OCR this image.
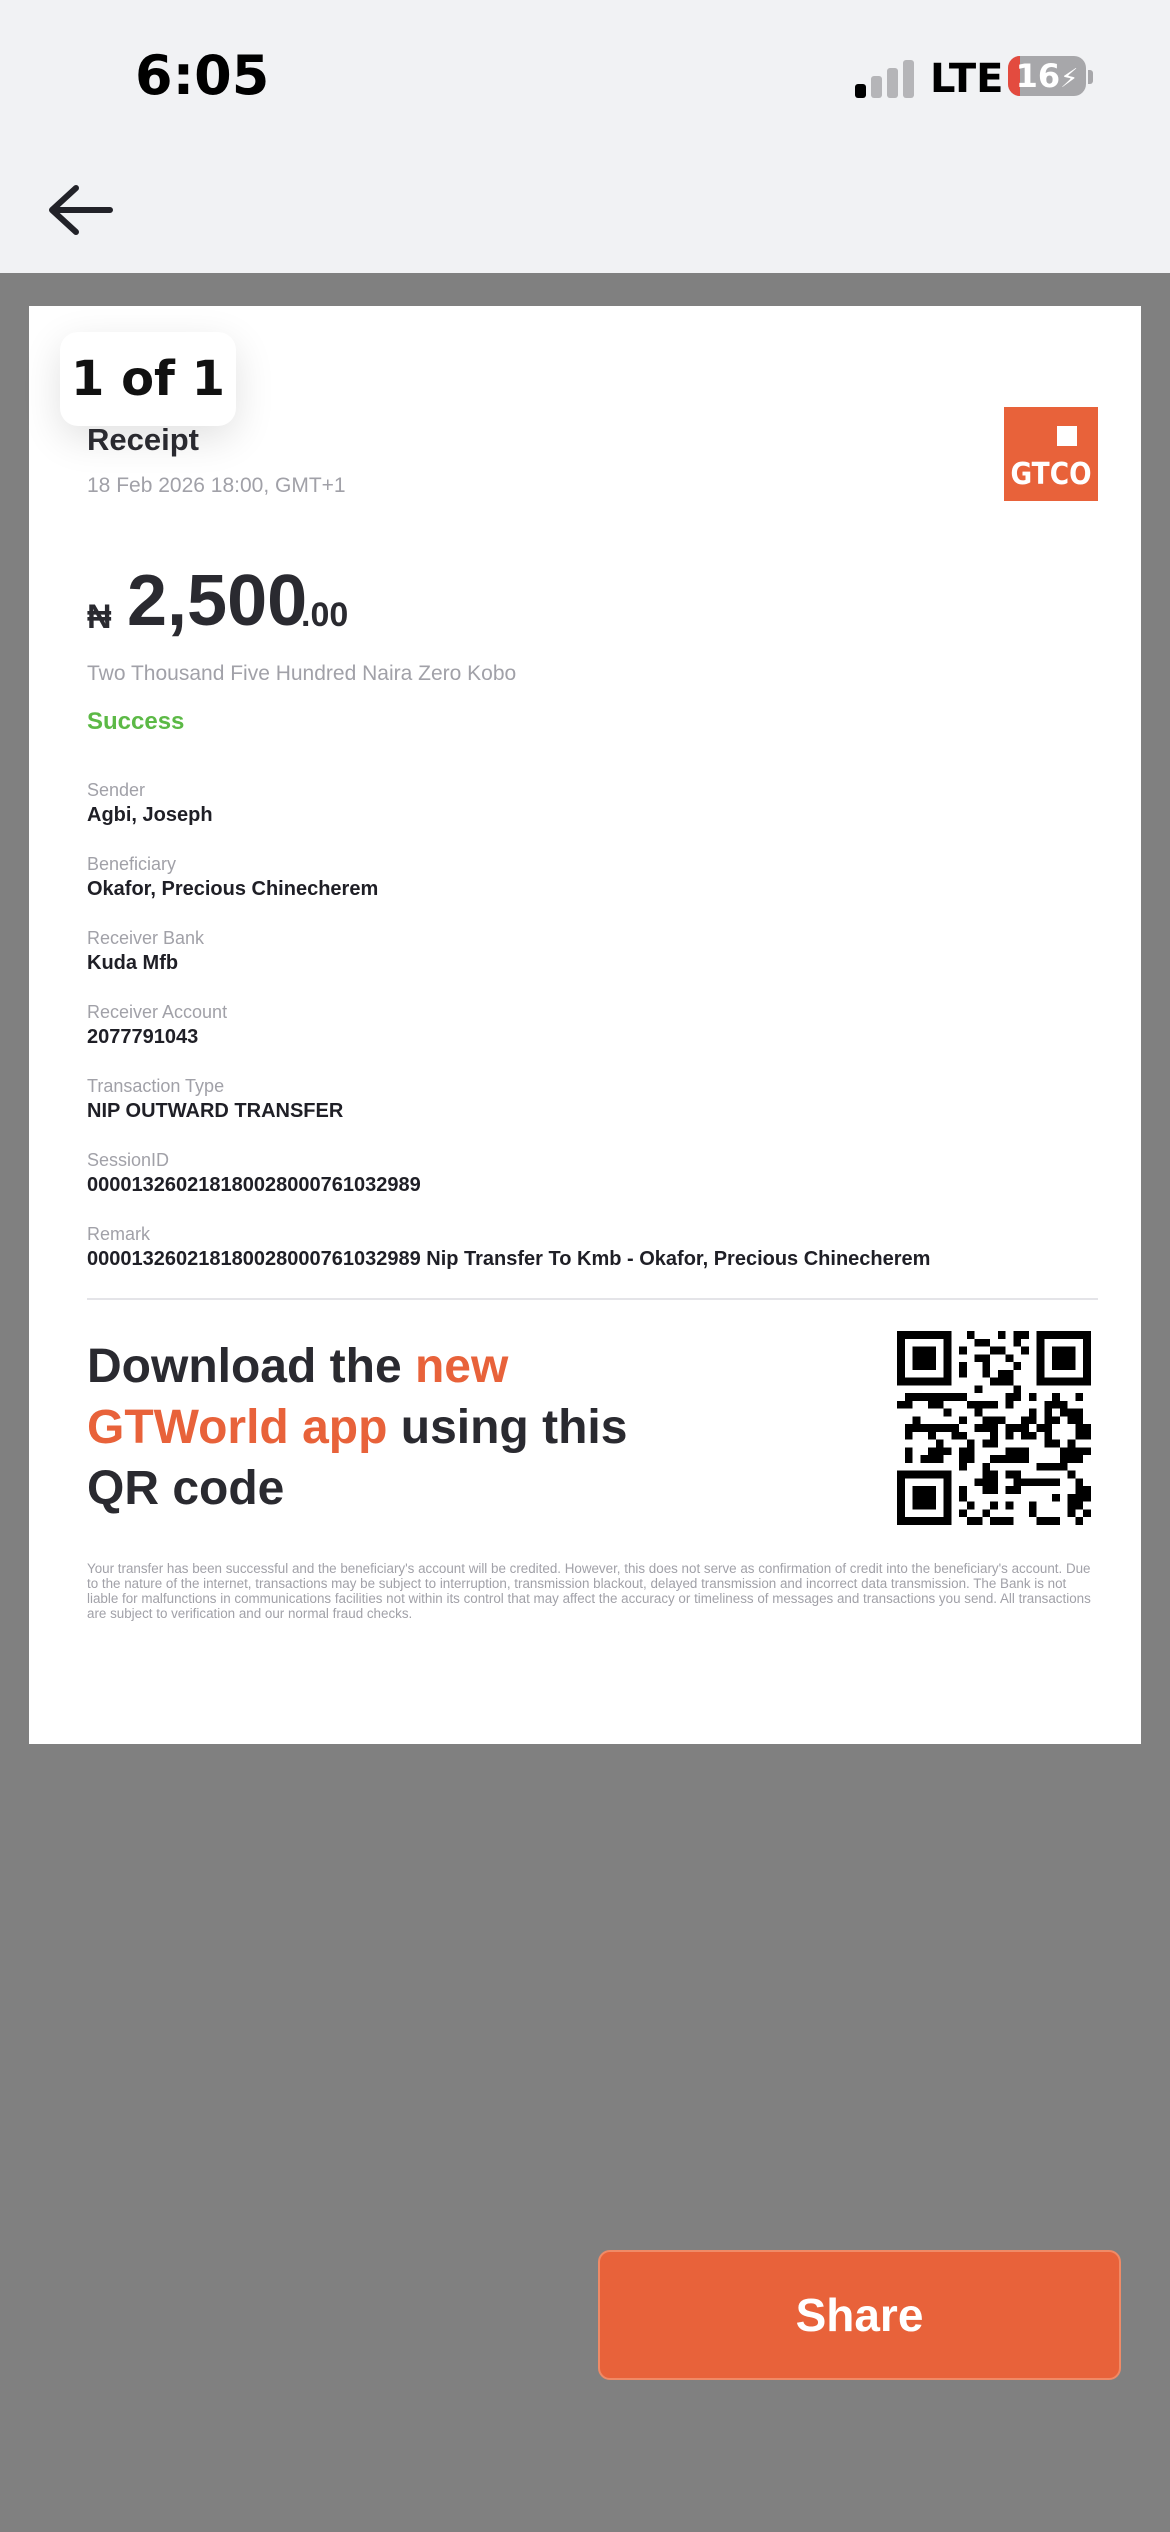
6:05	LTE 16⚡
1 of 1
Receipt
18 Feb 2026 18:00, GMT+1	GTCO
₦ 2,500
.00
Two Thousand Five Hundred Naira Zero Kobo
Success
Sender
Agbi, Joseph
Beneficiary
Okafor, Precious Chinecherem
Receiver Bank
Kuda Mfb
Receiver Account
2077791043
Transaction Type
NIP OUTWARD TRANSFER
SessionID
000013260218180028000761032989
Remark
000013260218180028000761032989 Nip Transfer To Kmb - Okafor, Precious Chinecherem
Download the new GTWorld app using this QR code
Your transfer has been successful and the beneficiary's account will be credited. However, this does not serve as confirmation of credit into the beneficiary's account. Due to the nature of the internet, transactions may be subject to interruption, transmission blackout, delayed transmission and incorrect data transmission. The Bank is not liable for malfunctions in communications facilities not within its control that may affect the accuracy or timeliness of messages and transactions you send. All transactions are subject to verification and our normal fraud checks.
Share
